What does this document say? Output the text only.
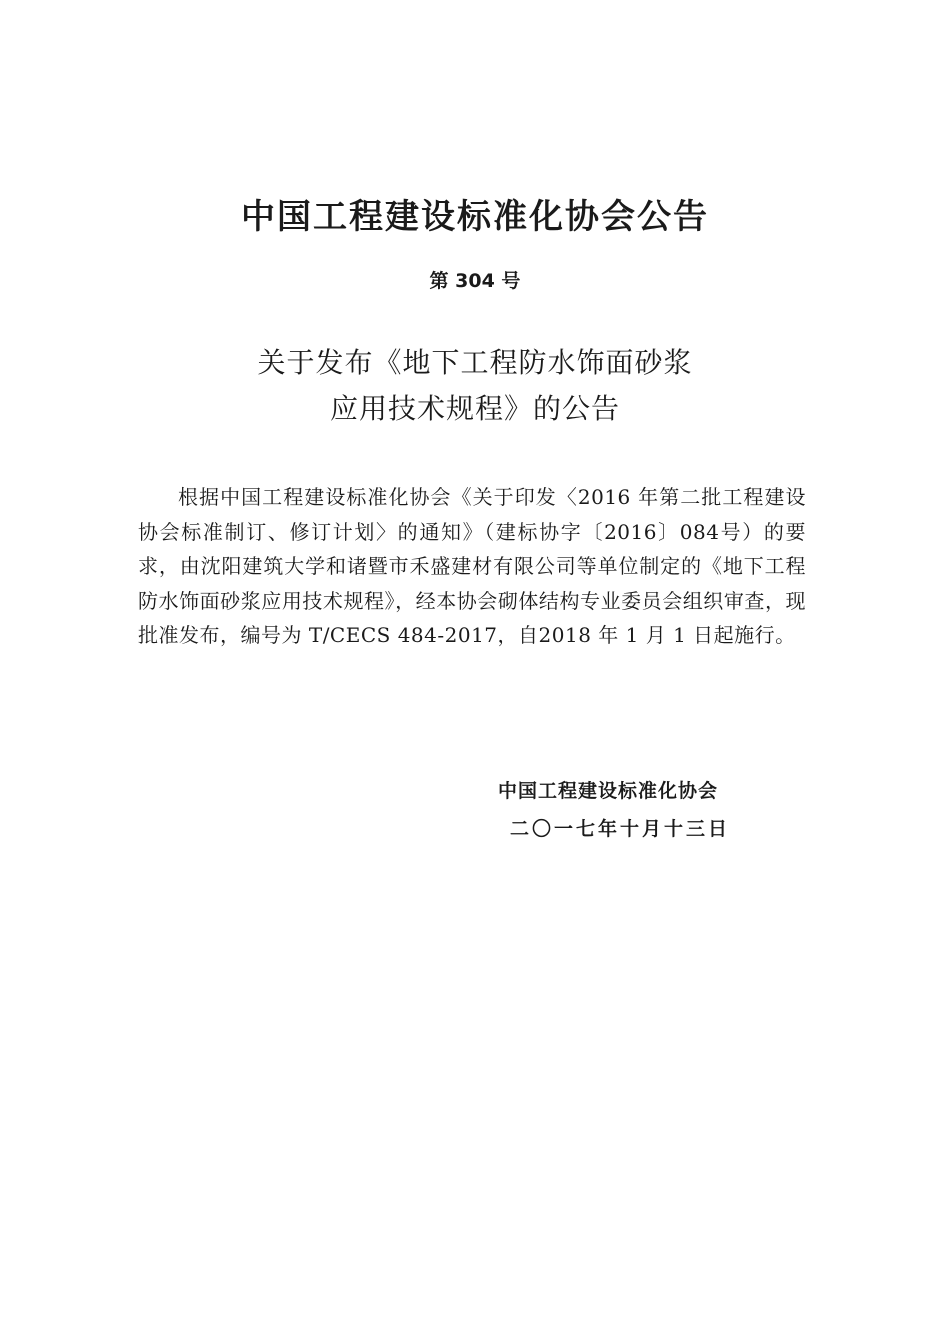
中国工程建设标准化协会公告
第 304 号
关于发布《地下工程防水饰面砂浆
应用技术规程》的公告
根据中国工程建设标准化协会《关于印发〈2016 年第二批工程建设协会标准制订、修订计划〉的通知》（建标协字〔2016〕084号）的要求，由沈阳建筑大学和诸暨市禾盛建材有限公司等单位制定的《地下工程防水饰面砂浆应用技术规程》，经本协会砌体结构专业委员会组织审查，现批准发布，编号为 T/CECS 484-2017，自2018 年 1 月 1 日起施行。
中国工程建设标准化协会
二〇一七年十月十三日
